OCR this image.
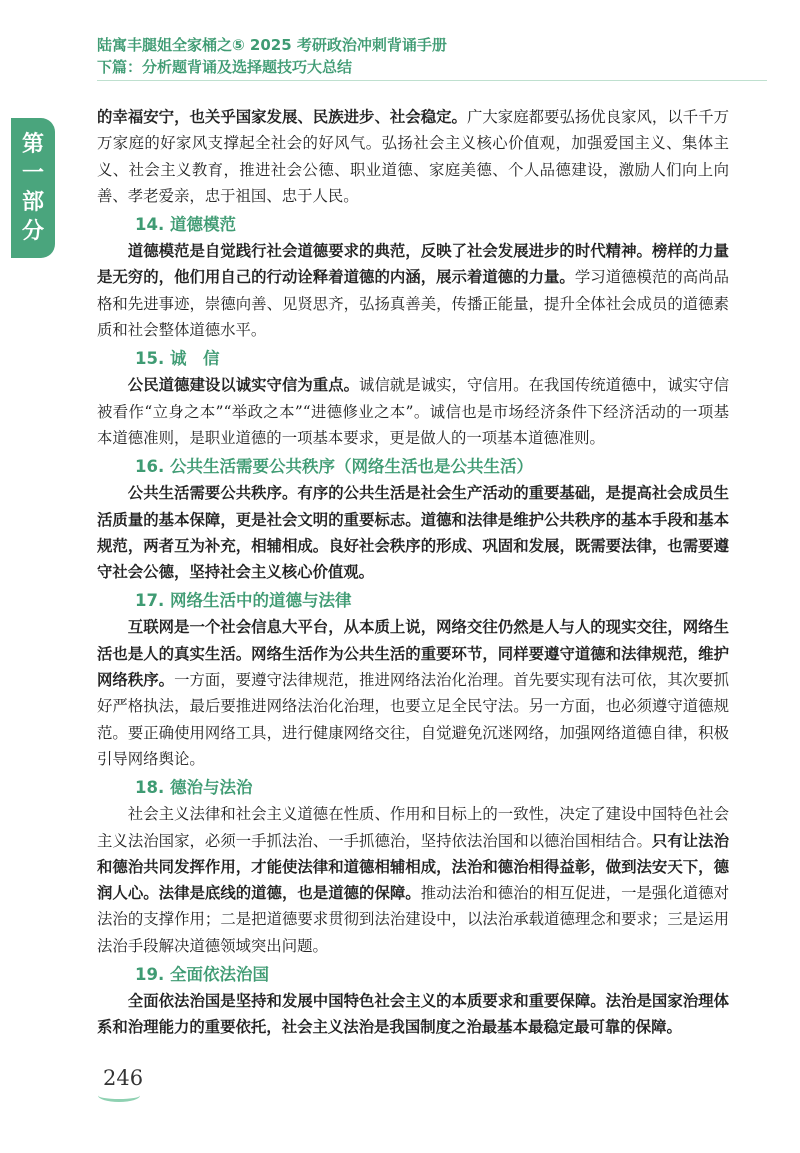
陆寓丰腿姐全家桶之⑤ 2025 考研政治冲刺背诵手册
下篇：分析题背诵及选择题技巧大总结
第
一
部
分

的幸福安宁，也关乎国家发展、民族进步、社会稳定。广大家庭都要弘扬优良家风，以千千万万家庭的好家风支撑起全社会的好风气。弘扬社会主义核心价值观，加强爱国主义、集体主义、社会主义教育，推进社会公德、职业道德、家庭美德、个人品德建设，激励人们向上向善、孝老爱亲，忠于祖国、忠于人民。

14. 道德模范

道德模范是自觉践行社会道德要求的典范，反映了社会发展进步的时代精神。榜样的力量是无穷的，他们用自己的行动诠释着道德的内涵，展示着道德的力量。学习道德模范的高尚品格和先进事迹，崇德向善、见贤思齐，弘扬真善美，传播正能量，提升全体社会成员的道德素质和社会整体道德水平。

15. 诚　信

公民道德建设以诚实守信为重点。诚信就是诚实，守信用。在我国传统道德中，诚实守信被看作“立身之本”“举政之本”“进德修业之本”。诚信也是市场经济条件下经济活动的一项基本道德准则，是职业道德的一项基本要求，更是做人的一项基本道德准则。

16. 公共生活需要公共秩序（网络生活也是公共生活）

公共生活需要公共秩序。有序的公共生活是社会生产活动的重要基础，是提高社会成员生活质量的基本保障，更是社会文明的重要标志。道德和法律是维护公共秩序的基本手段和基本规范，两者互为补充，相辅相成。良好社会秩序的形成、巩固和发展，既需要法律，也需要遵守社会公德，坚持社会主义核心价值观。

17. 网络生活中的道德与法律

互联网是一个社会信息大平台，从本质上说，网络交往仍然是人与人的现实交往，网络生活也是人的真实生活。网络生活作为公共生活的重要环节，同样要遵守道德和法律规范，维护网络秩序。一方面，要遵守法律规范，推进网络法治化治理。首先要实现有法可依，其次要抓好严格执法，最后要推进网络法治化治理，也要立足全民守法。另一方面，也必须遵守道德规范。要正确使用网络工具，进行健康网络交往，自觉避免沉迷网络，加强网络道德自律，积极引导网络舆论。

18. 德治与法治

社会主义法律和社会主义道德在性质、作用和目标上的一致性，决定了建设中国特色社会主义法治国家，必须一手抓法治、一手抓德治，坚持依法治国和以德治国相结合。只有让法治和德治共同发挥作用，才能使法律和道德相辅相成，法治和德治相得益彰，做到法安天下，德润人心。法律是底线的道德，也是道德的保障。推动法治和德治的相互促进，一是强化道德对法治的支撑作用；二是把道德要求贯彻到法治建设中，以法治承载道德理念和要求；三是运用法治手段解决道德领域突出问题。

19. 全面依法治国

全面依法治国是坚持和发展中国特色社会主义的本质要求和重要保障。法治是国家治理体系和治理能力的重要依托，社会主义法治是我国制度之治最基本最稳定最可靠的保障。

246
